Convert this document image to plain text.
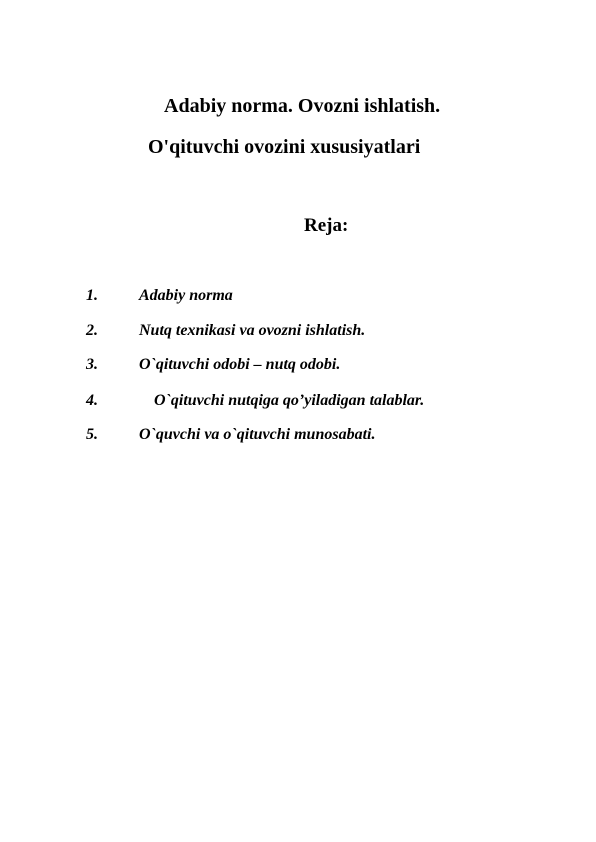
Adabiy norma. Ovozni ishlatish.
O'qituvchi ovozini xususiyatlari
Reja:
1.	Adabiy norma
2.	Nutq texnikasi va ovozni ishlatish.
3.	O`qituvchi odobi – nutq odobi.
4.	O`qituvchi nutqiga qo’yiladigan talablar.
5.	O`quvchi va o`qituvchi munosabati.
